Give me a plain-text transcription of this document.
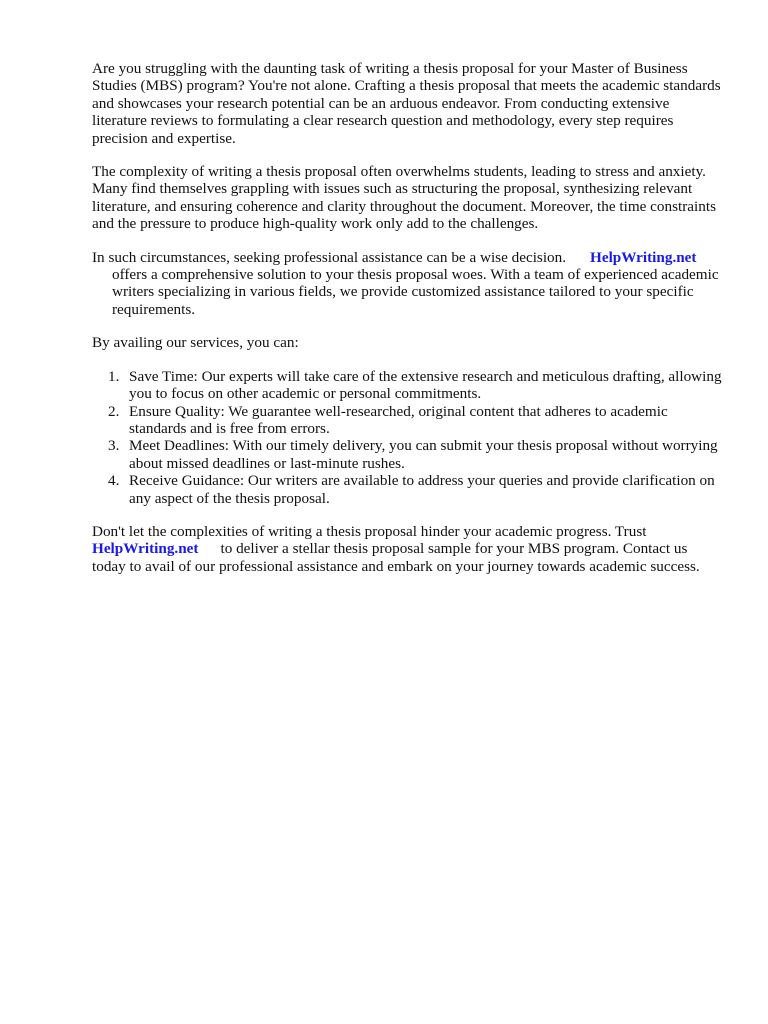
Are you struggling with the daunting task of writing a thesis proposal for your Master of Business Studies (MBS) program? You're not alone. Crafting a thesis proposal that meets the academic standards and showcases your research potential can be an arduous endeavor. From conducting extensive literature reviews to formulating a clear research question and methodology, every step requires precision and expertise.

The complexity of writing a thesis proposal often overwhelms students, leading to stress and anxiety. Many find themselves grappling with issues such as structuring the proposal, synthesizing relevant literature, and ensuring coherence and clarity throughout the document. Moreover, the time constraints and the pressure to produce high-quality work only add to the challenges.

In such circumstances, seeking professional assistance can be a wise decision. HelpWriting.net
offers a comprehensive solution to your thesis proposal woes. With a team of experienced academic writers specializing in various fields, we provide customized assistance tailored to your specific requirements.

By availing our services, you can:

1. Save Time: Our experts will take care of the extensive research and meticulous drafting, allowing you to focus on other academic or personal commitments.
2. Ensure Quality: We guarantee well-researched, original content that adheres to academic standards and is free from errors.
3. Meet Deadlines: With our timely delivery, you can submit your thesis proposal without worrying about missed deadlines or last-minute rushes.
4. Receive Guidance: Our writers are available to address your queries and provide clarification on any aspect of the thesis proposal.

Don't let the complexities of writing a thesis proposal hinder your academic progress. Trust
HelpWriting.net to deliver a stellar thesis proposal sample for your MBS program. Contact us today to avail of our professional assistance and embark on your journey towards academic success.
